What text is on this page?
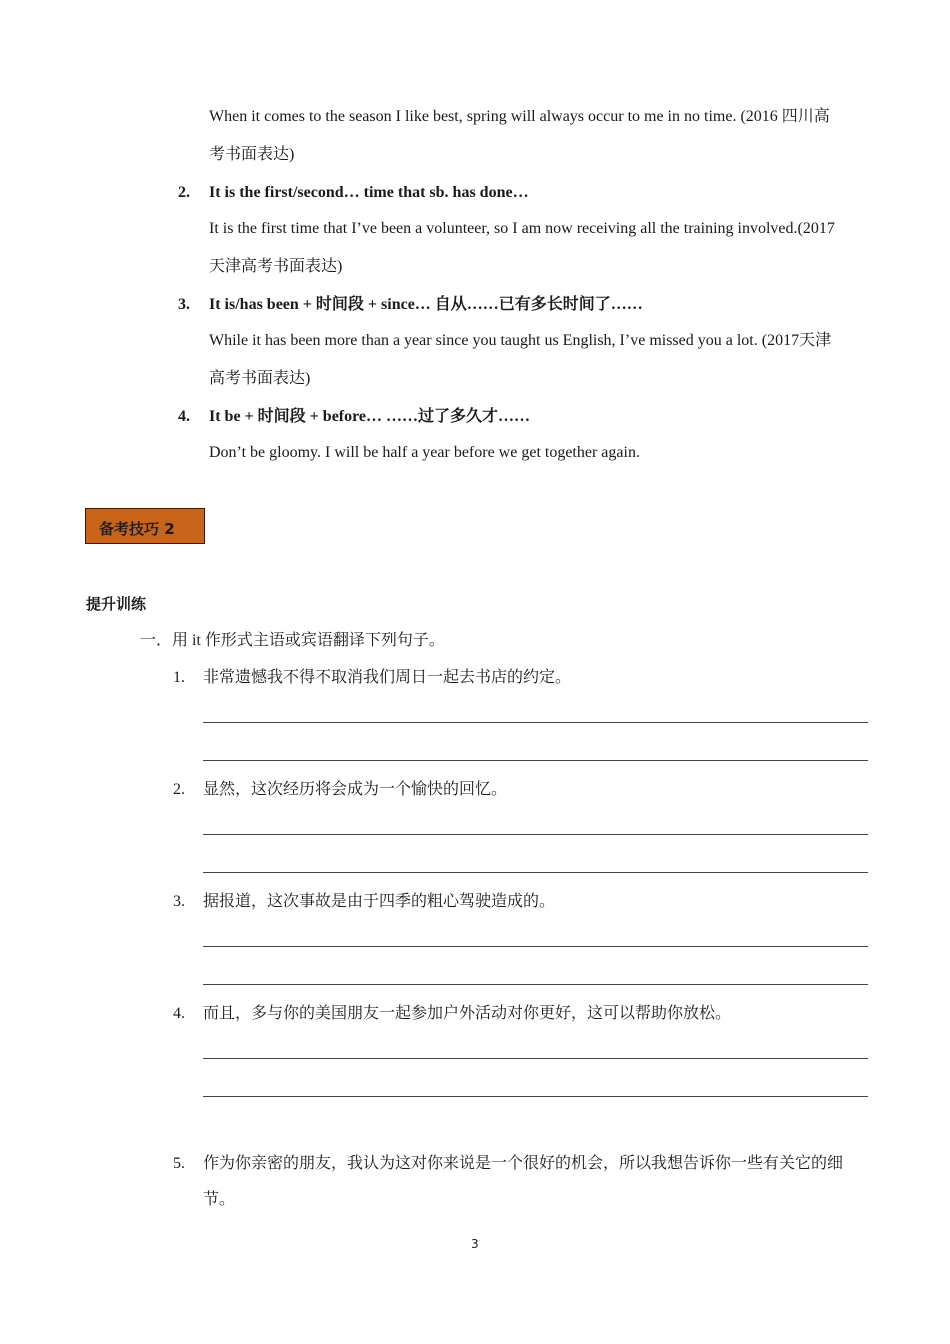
When it comes to the season I like best, spring will always occur to me in no time. (2016 四川高
考书面表达)
2. It is the first/second… time that sb. has done…
It is the first time that I’ve been a volunteer, so I am now receiving all the training involved.(2017
天津高考书面表达)
3. It is/has been + 时间段 + since… 自从……已有多长时间了……
While it has been more than a year since you taught us English, I’ve missed you a lot. (2017天津
高考书面表达)
4. It be + 时间段 + before… ……过了多久才……
Don’t be gloomy. I will be half a year before we get together again.
备考技巧 2
提升训练
一．用 it 作形式主语或宾语翻译下列句子。
1. 非常遗憾我不得不取消我们周日一起去书店的约定。
2. 显然，这次经历将会成为一个愉快的回忆。
3. 据报道，这次事故是由于四季的粗心驾驶造成的。
4. 而且，多与你的美国朋友一起参加户外活动对你更好，这可以帮助你放松。
5. 作为你亲密的朋友，我认为这对你来说是一个很好的机会，所以我想告诉你一些有关它的细
节。
3
